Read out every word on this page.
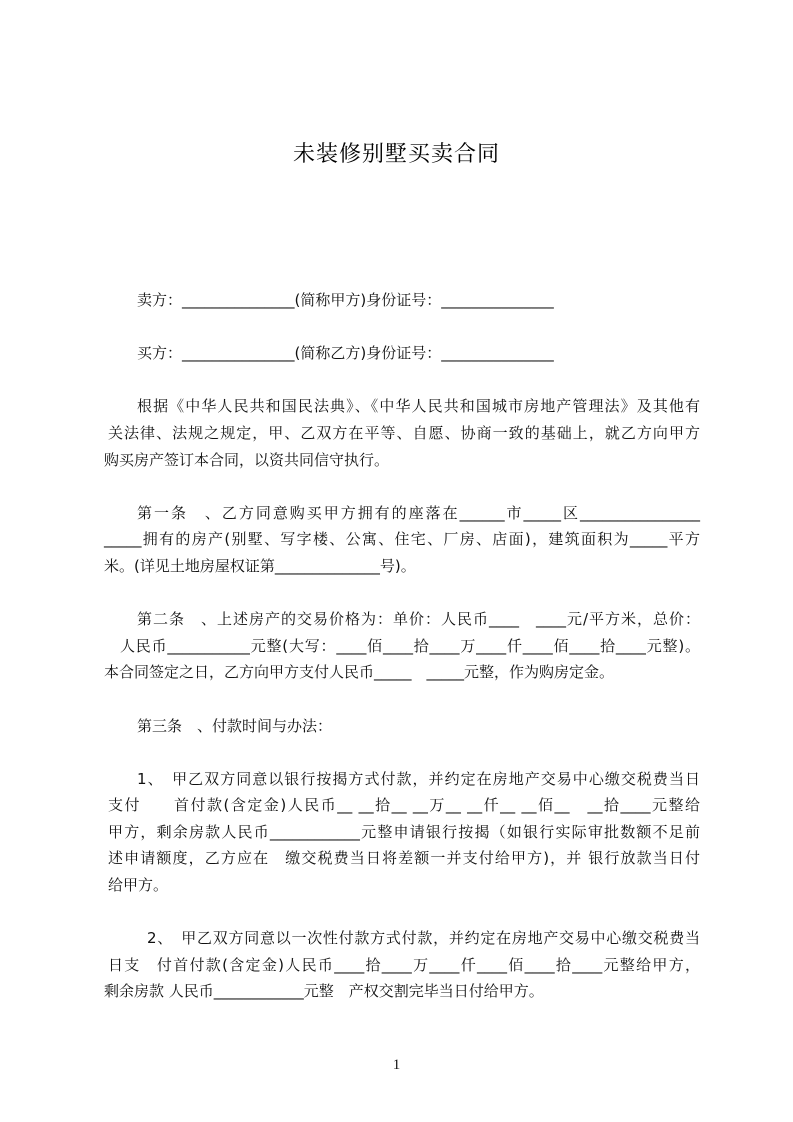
未装修别墅买卖合同
卖方：_______________(简称甲方)身份证号：_______________
买方：_______________(简称乙方)身份证号：_______________
根据《中华人民共和国民法典》、《中华人民共和国城市房地产管理法》及其他有
关法律、法规之规定，甲、乙双方在平等、自愿、协商一致的基础上，就乙方向甲方
购买房产签订本合同，以资共同信守执行。
第一条　、乙方同意购买甲方拥有的座落在______市_____区________________
_____拥有的房产(别墅、写字楼、公寓、住宅、厂房、店面)，建筑面积为_____平方
米。(详见土地房屋权证第______________号)。
第二条　、上述房产的交易价格为：单价：人民币____　____元/平方米，总价：
人民币___________元整(大写：____佰____拾____万____仟____佰____拾____元整)。
本合同签定之日，乙方向甲方支付人民币_____　_____元整，作为购房定金。
第三条　、付款时间与办法：
1、　甲乙双方同意以银行按揭方式付款，并约定在房地产交易中心缴交税费当日
支付　　首付款(含定金)人民币__ __拾__ __万__ __仟__ __佰__　__拾____元整给
甲方，剩余房款人民币____________元整申请银行按揭（如银行实际审批数额不足前
述申请额度，乙方应在　缴交税费当日将差额一并支付给甲方)，并 银行放款当日付
给甲方。
2、　甲乙双方同意以一次性付款方式付款，并约定在房地产交易中心缴交税费当
日支　付首付款(含定金)人民币____拾____万____仟____佰____拾____元整给甲方，
剩余房款 人民币____________元整　产权交割完毕当日付给甲方。
1
